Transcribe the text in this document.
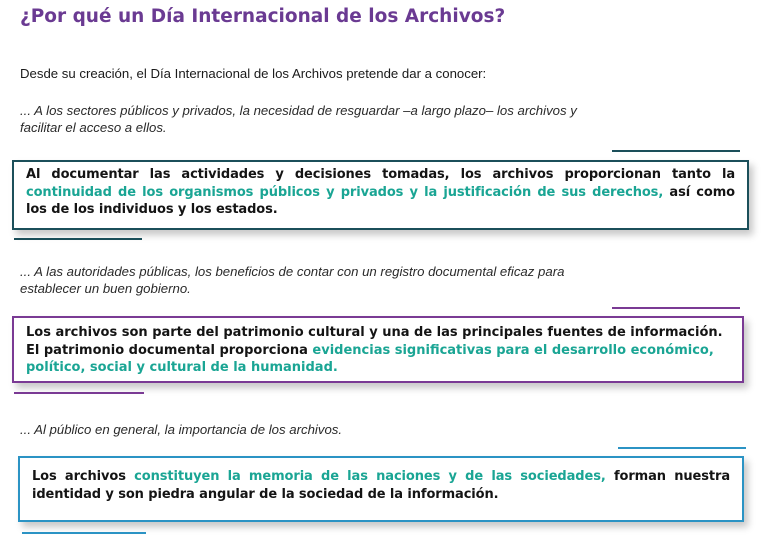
¿Por qué un Día Internacional de los Archivos?
Desde su creación, el Día Internacional de los Archivos pretende dar a conocer:
... A los sectores públicos y privados, la necesidad de resguardar –a largo plazo– los archivos y
facilitar el acceso a ellos.

Al documentar las actividades y decisiones tomadas, los archivos proporcionan tanto la continuidad de los organismos públicos y privados y la justificación de sus derechos, así como los de los individuos y los estados.

... A las autoridades públicas, los beneficios de contar con un registro documental eficaz para
establecer un buen gobierno.

Los archivos son parte del patrimonio cultural y una de las principales fuentes de información.
El patrimonio documental proporciona evidencias significativas para el desarrollo económico, político, social y cultural de la humanidad.

... Al público en general, la importancia de los archivos.

Los archivos constituyen la memoria de las naciones y de las sociedades, forman nuestra identidad y son piedra angular de la sociedad de la información.
